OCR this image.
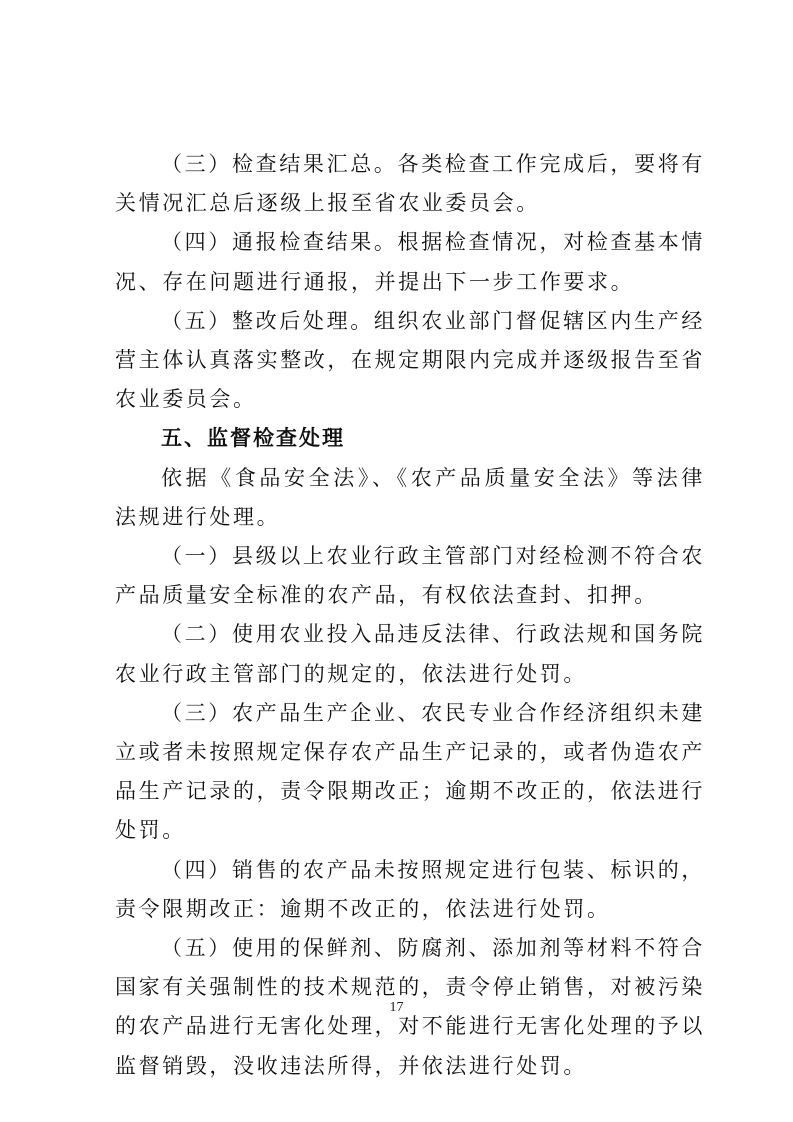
（三）检查结果汇总。各类检查工作完成后，要将有关情况汇总后逐级上报至省农业委员会。

（四）通报检查结果。根据检查情况，对检查基本情况、存在问题进行通报，并提出下一步工作要求。

（五）整改后处理。组织农业部门督促辖区内生产经营主体认真落实整改，在规定期限内完成并逐级报告至省农业委员会。

五、监督检查处理

依据《食品安全法》、《农产品质量安全法》等法律法规进行处理。

（一）县级以上农业行政主管部门对经检测不符合农产品质量安全标准的农产品，有权依法查封、扣押。

（二）使用农业投入品违反法律、行政法规和国务院农业行政主管部门的规定的，依法进行处罚。

（三）农产品生产企业、农民专业合作经济组织未建立或者未按照规定保存农产品生产记录的，或者伪造农产品生产记录的，责令限期改正；逾期不改正的，依法进行处罚。

（四）销售的农产品未按照规定进行包装、标识的，责令限期改正：逾期不改正的，依法进行处罚。

（五）使用的保鲜剂、防腐剂、添加剂等材料不符合国家有关强制性的技术规范的，责令停止销售，对被污染的农产品进行无害化处理，对不能进行无害化处理的予以监督销毁，没收违法所得，并依法进行处罚。

17
